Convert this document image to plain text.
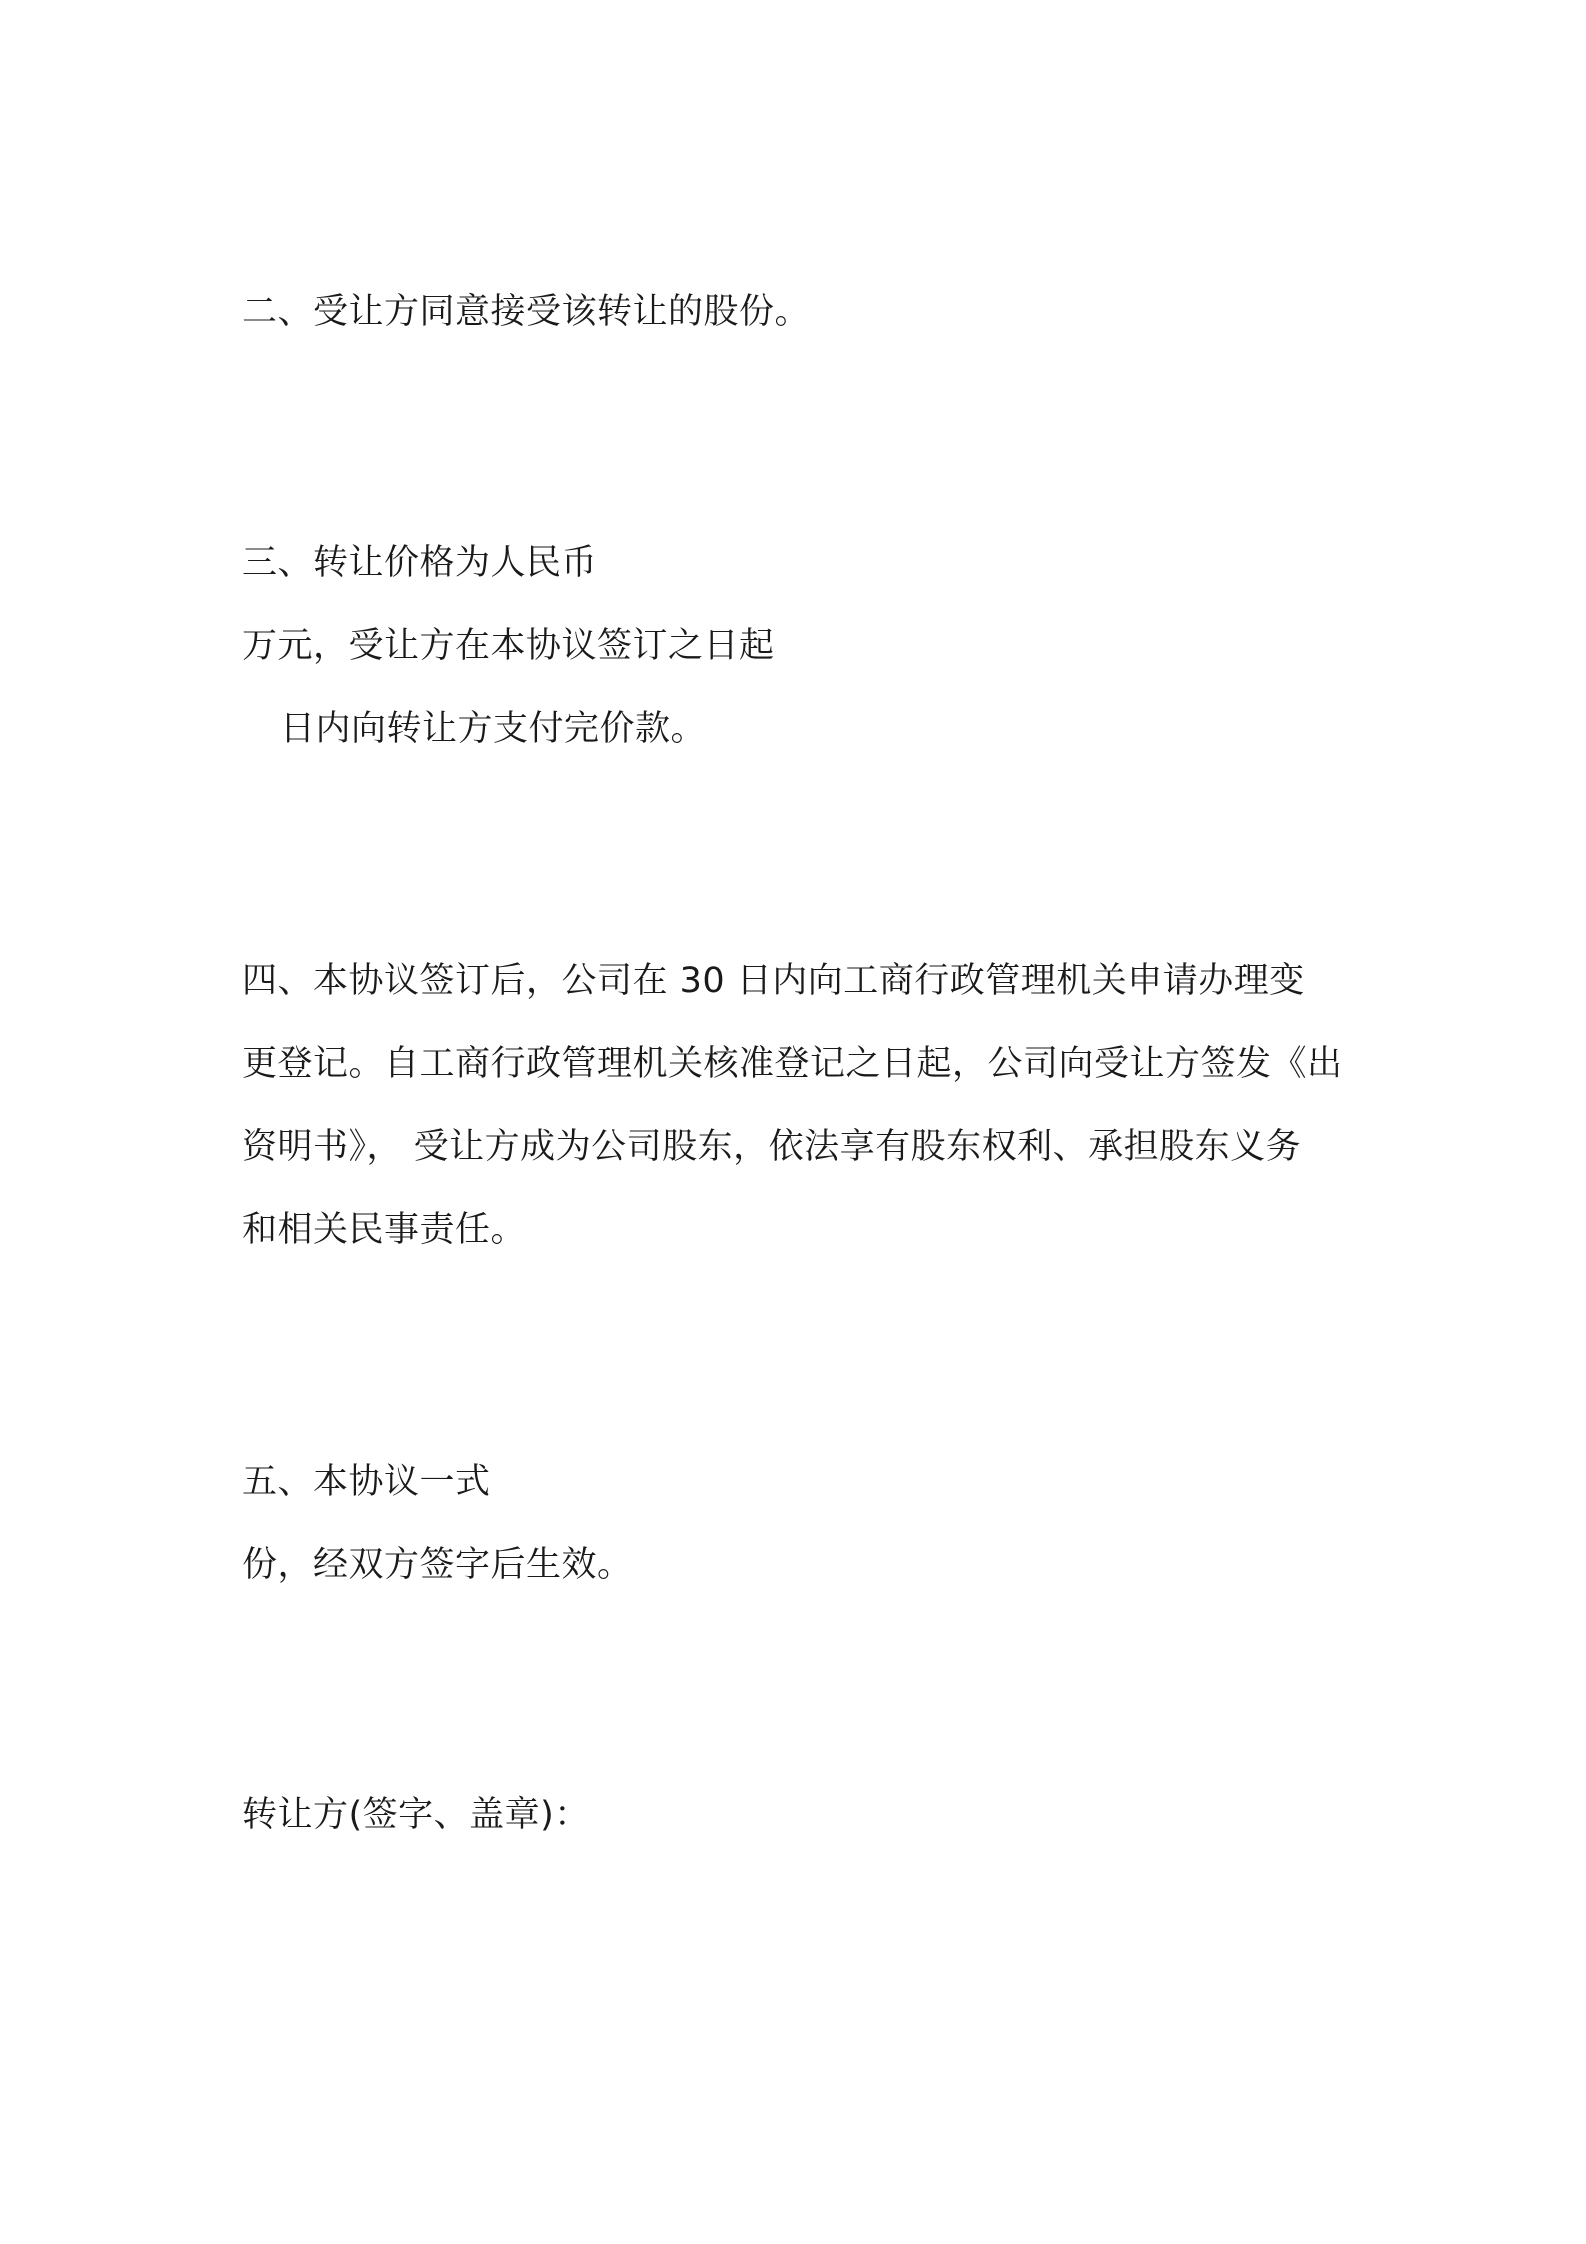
二、受让方同意接受该转让的股份。
三、转让价格为人民币
万元，受让方在本协议签订之日起
日内向转让方支付完价款。
四、本协议签订后，公司在 30 日内向工商行政管理机关申请办理变
更登记。自工商行政管理机关核准登记之日起，公司向受让方签发《出
资明书》， 受让方成为公司股东，依法享有股东权利、承担股东义务
和相关民事责任。
五、本协议一式
份，经双方签字后生效。
转让方(签字、盖章)：
